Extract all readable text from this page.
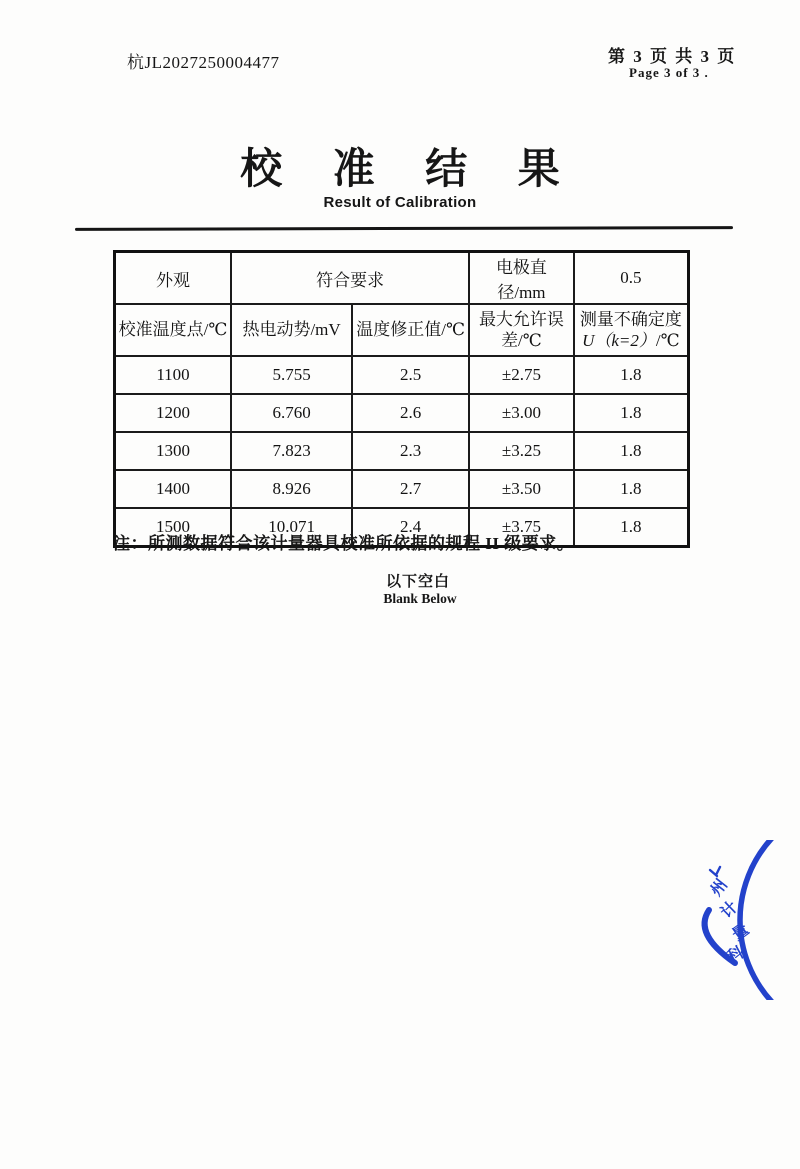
杭JL2027250004477	第 3 页 共 3 页
Page 3 of 3 .
校 准 结 果
Result of Calibration
外观	符合要求		电极直径/mm	0.5
校准温度点/℃	热电动势/mV	温度修正值/℃	最大允许误差/℃	测量不确定度
U（k=2）/℃
1100	5.755	2.5	±2.75	1.8
1200	6.760	2.6	±3.00	1.8
1300	7.823	2.3	±3.25	1.8
1400	8.926	2.7	±3.50	1.8
1500	10.071	2.4	±3.75	1.8
注：所测数据符合该计量器具校准所依据的规程 II 级要求。
以下空白
Blank Below
州
计
量
科
